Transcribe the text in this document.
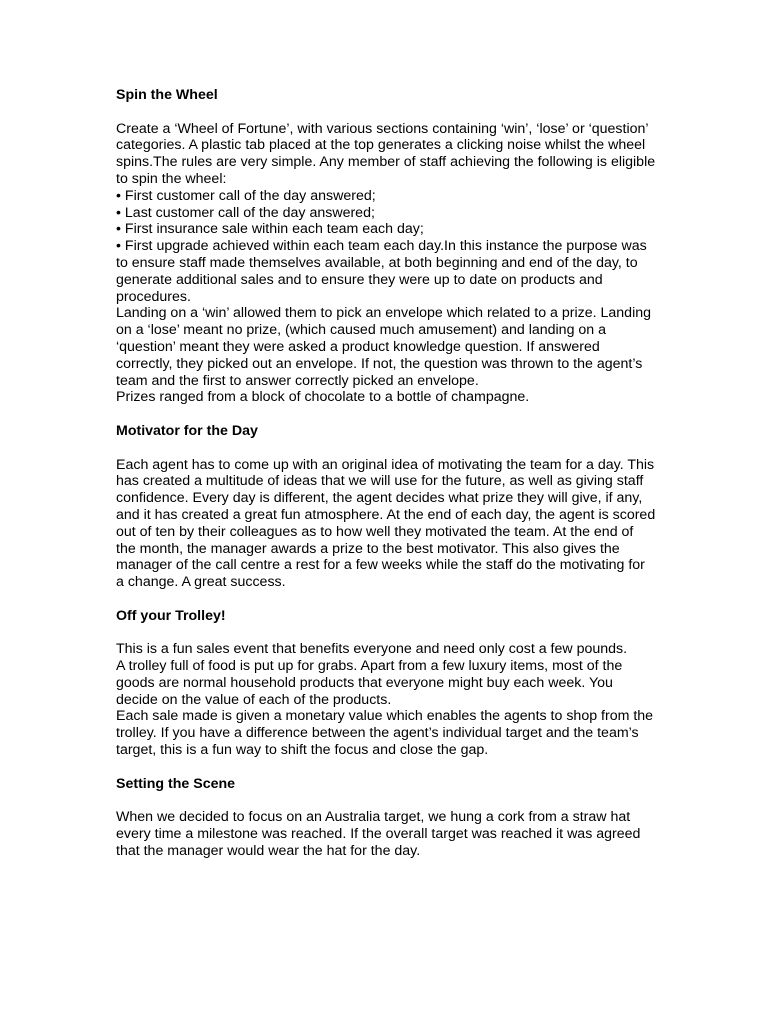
Spin the Wheel

Create a ‘Wheel of Fortune’, with various sections containing ‘win’, ‘lose’ or ‘question’ categories. A plastic tab placed at the top generates a clicking noise whilst the wheel spins.The rules are very simple. Any member of staff achieving the following is eligible to spin the wheel:

• First customer call of the day answered;

• Last customer call of the day answered;

• First insurance sale within each team each day;

• First upgrade achieved within each team each day.In this instance the purpose was to ensure staff made themselves available, at both beginning and end of the day, to generate additional sales and to ensure they were up to date on products and procedures.

Landing on a ‘win’ allowed them to pick an envelope which related to a prize. Landing on a ‘lose’ meant no prize, (which caused much amusement) and landing on a ‘question’ meant they were asked a product knowledge question. If answered correctly, they picked out an envelope. If not, the question was thrown to the agent’s team and the first to answer correctly picked an envelope.

Prizes ranged from a block of chocolate to a bottle of champagne.

Motivator for the Day

Each agent has to come up with an original idea of motivating the team for a day. This has created a multitude of ideas that we will use for the future, as well as giving staff confidence. Every day is different, the agent decides what prize they will give, if any, and it has created a great fun atmosphere. At the end of each day, the agent is scored out of ten by their colleagues as to how well they motivated the team. At the end of the month, the manager awards a prize to the best motivator. This also gives the manager of the call centre a rest for a few weeks while the staff do the motivating for a change. A great success.

Off your Trolley!

This is a fun sales event that benefits everyone and need only cost a few pounds.

A trolley full of food is put up for grabs. Apart from a few luxury items, most of the goods are normal household products that everyone might buy each week. You decide on the value of each of the products.

Each sale made is given a monetary value which enables the agents to shop from the trolley. If you have a difference between the agent’s individual target and the team’s target, this is a fun way to shift the focus and close the gap.

Setting the Scene

When we decided to focus on an Australia target, we hung a cork from a straw hat every time a milestone was reached. If the overall target was reached it was agreed that the manager would wear the hat for the day.
